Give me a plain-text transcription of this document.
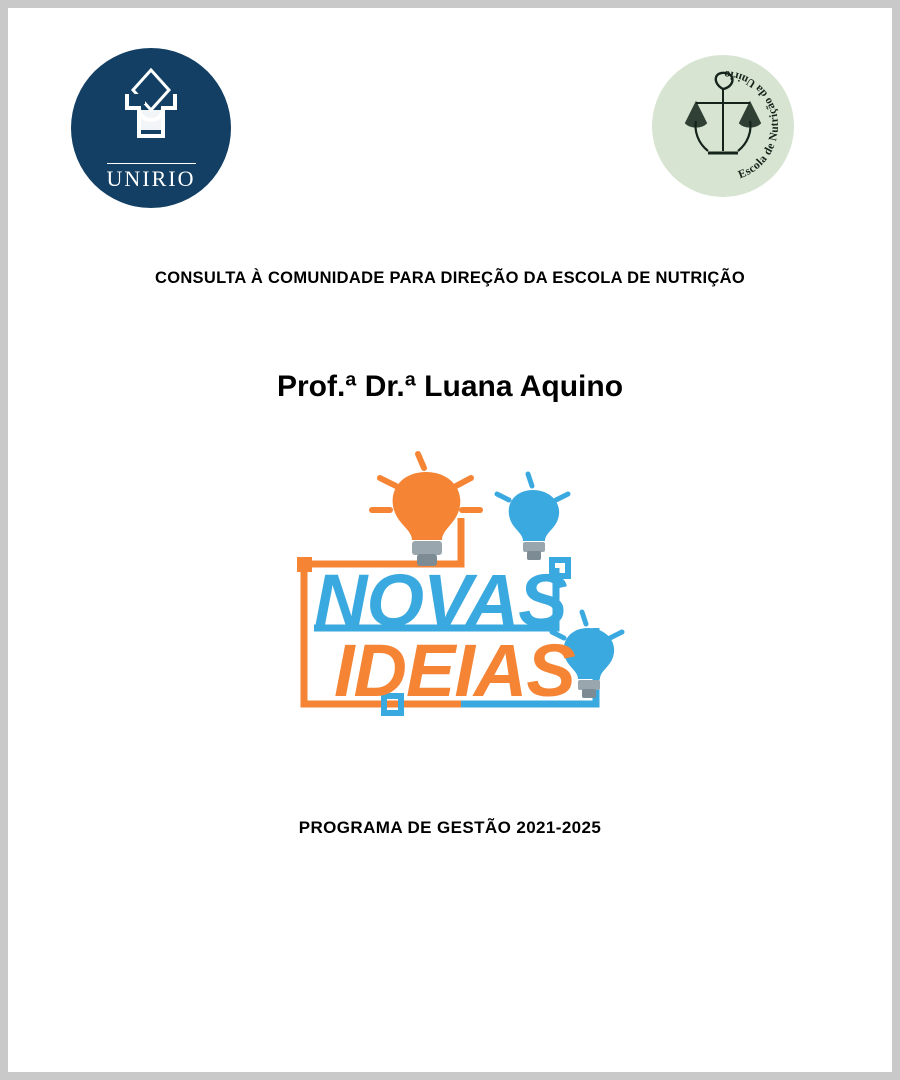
UNIRIO	Escola de Nutrição da Unirio
CONSULTA À COMUNIDADE PARA DIREÇÃO DA ESCOLA DE NUTRIÇÃO
Prof.ª Dr.ª Luana Aquino
NOVAS
IDEIAS
PROGRAMA DE GESTÃO 2021-2025
